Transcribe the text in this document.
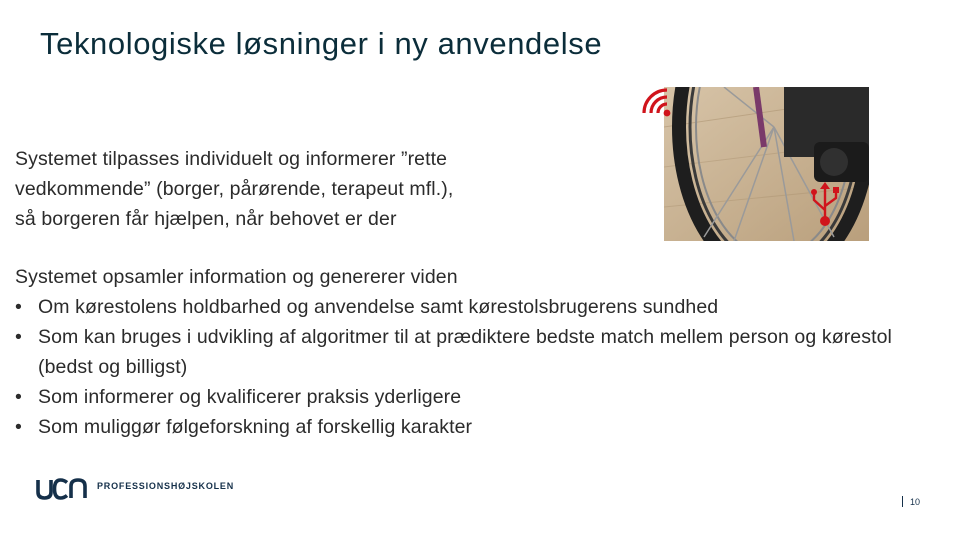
Teknologiske løsninger i ny anvendelse

Systemet tilpasses individuelt og informerer ”rette
vedkommende” (borger, pårørende, terapeut mfl.),
så borgeren får hjælpen, når behovet er der

Systemet opsamler information og genererer viden

• Om kørestolens holdbarhed og anvendelse samt kørestolsbrugerens sundhed
• Som kan bruges i udvikling af algoritmer til at prædiktere bedste match mellem person og kørestol (bedst og billigst)
• Som informerer og kvalificerer praksis yderligere
• Som muliggør følgeforskning af forskellig karakter
PROFESSIONSHØJSKOLEN
10
